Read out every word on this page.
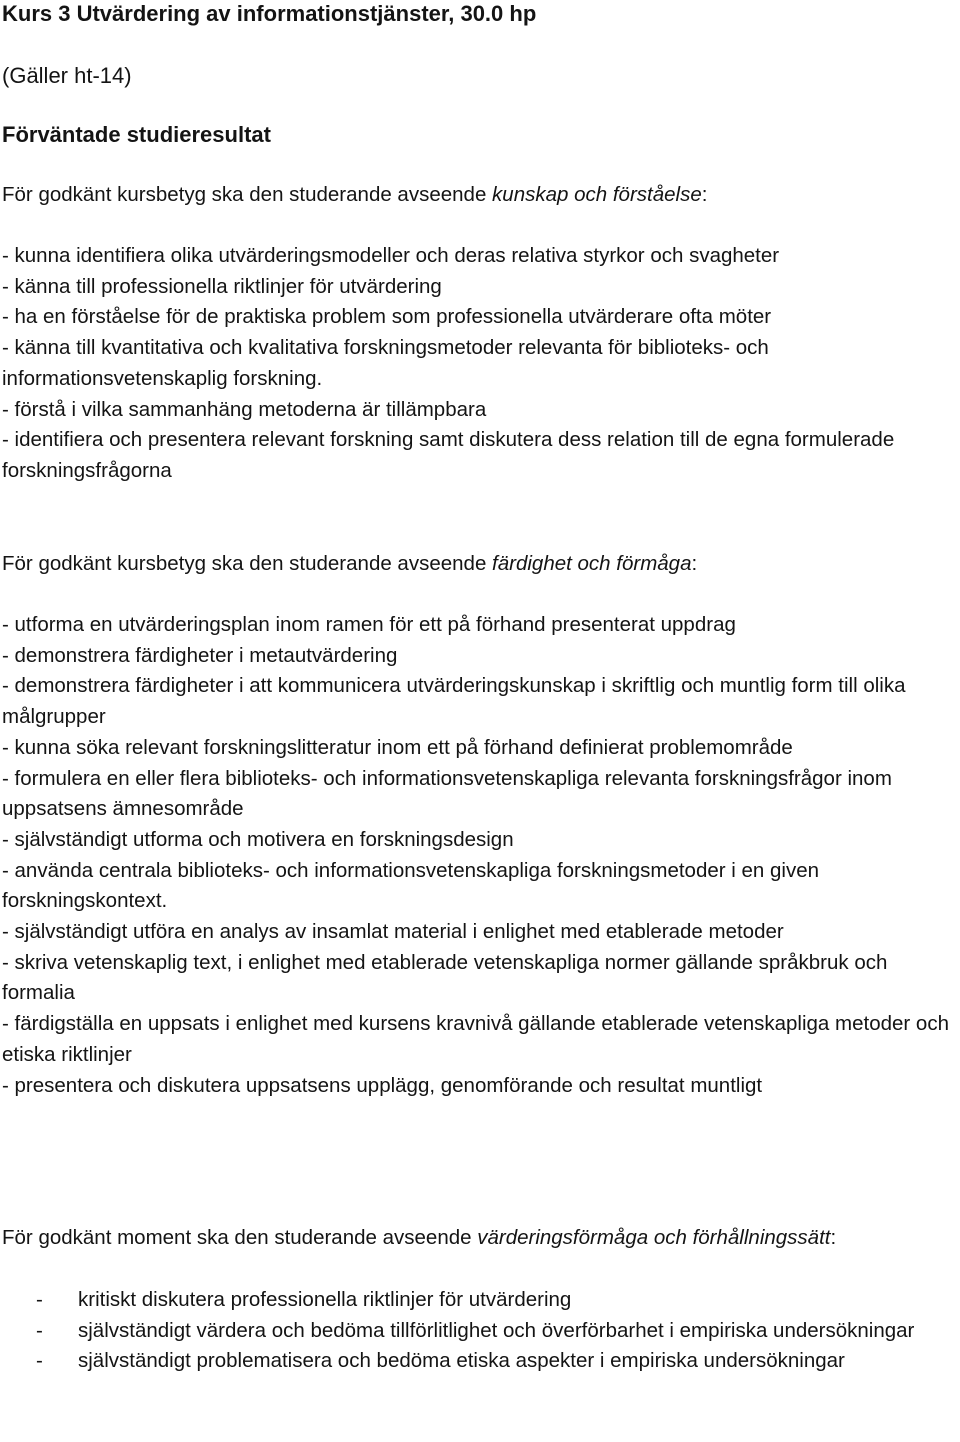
Kurs 3 Utvärdering av informationstjänster, 30.0 hp
(Gäller ht-14)
Förväntade studieresultat
För godkänt kursbetyg ska den studerande avseende kunskap och förståelse:
- kunna identifiera olika utvärderingsmodeller och deras relativa styrkor och svagheter
- känna till professionella riktlinjer för utvärdering
- ha en förståelse för de praktiska problem som professionella utvärderare ofta möter
- känna till kvantitativa och kvalitativa forskningsmetoder relevanta för biblioteks- och informationsvetenskaplig forskning.
- förstå i vilka sammanhäng metoderna är tillämpbara
- identifiera och presentera relevant forskning samt diskutera dess relation till de egna formulerade forskningsfrågorna
För godkänt kursbetyg ska den studerande avseende färdighet och förmåga:
- utforma en utvärderingsplan inom ramen för ett på förhand presenterat uppdrag
- demonstrera färdigheter i metautvärdering
- demonstrera färdigheter i att kommunicera utvärderingskunskap i skriftlig och muntlig form till olika målgrupper
- kunna söka relevant forskningslitteratur inom ett på förhand definierat problemområde
- formulera en eller flera biblioteks- och informationsvetenskapliga relevanta forskningsfrågor inom uppsatsens ämnesområde
- självständigt utforma och motivera en forskningsdesign
- använda centrala biblioteks- och informationsvetenskapliga forskningsmetoder i en given forskningskontext.
- självständigt utföra en analys av insamlat material i enlighet med etablerade metoder
- skriva vetenskaplig text, i enlighet med etablerade vetenskapliga normer gällande språkbruk och formalia
- färdigställa en uppsats i enlighet med kursens kravnivå gällande etablerade vetenskapliga metoder och etiska riktlinjer
- presentera och diskutera uppsatsens upplägg, genomförande och resultat muntligt
För godkänt moment ska den studerande avseende värderingsförmåga och förhållningssätt:
- kritiskt diskutera professionella riktlinjer för utvärdering
- självständigt värdera och bedöma tillförlitlighet och överförbarhet i empiriska undersökningar
- självständigt problematisera och bedöma etiska aspekter i empiriska undersökningar
